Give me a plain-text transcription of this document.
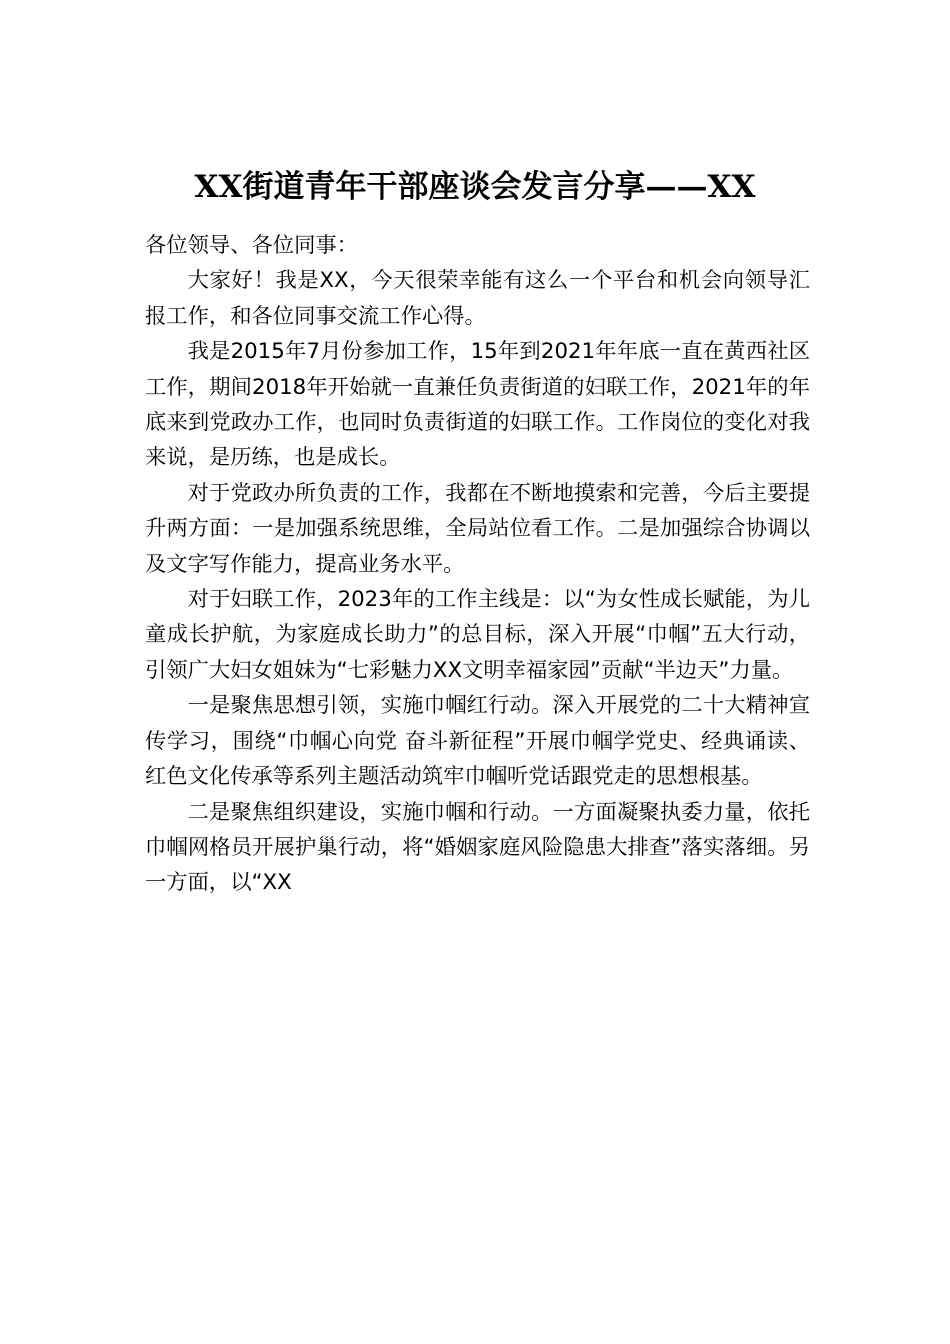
XX街道青年干部座谈会发言分享——XX

各位领导、各位同事：

大家好！我是XX，今天很荣幸能有这么一个平台和机会向领导汇报工作，和各位同事交流工作心得。

我是2015年7月份参加工作，15年到2021年年底一直在黄西社区工作，期间2018年开始就一直兼任负责街道的妇联工作，2021年的年底来到党政办工作，也同时负责街道的妇联工作。工作岗位的变化对我来说，是历练，也是成长。

对于党政办所负责的工作，我都在不断地摸索和完善，今后主要提升两方面：一是加强系统思维，全局站位看工作。二是加强综合协调以及文字写作能力，提高业务水平。

对于妇联工作，2023年的工作主线是：以“为女性成长赋能，为儿童成长护航，为家庭成长助力”的总目标，深入开展“巾帼”五大行动，引领广大妇女姐妹为“七彩魅力XX文明幸福家园”贡献“半边天”力量。

一是聚焦思想引领，实施巾帼红行动。深入开展党的二十大精神宣传学习，围绕“巾帼心向党 奋斗新征程”开展巾帼学党史、经典诵读、红色文化传承等系列主题活动筑牢巾帼听党话跟党走的思想根基。

二是聚焦组织建设，实施巾帼和行动。一方面凝聚执委力量，依托巾帼网格员开展护巢行动，将“婚姻家庭风险隐患大排查”落实落细。另一方面，以“XX
